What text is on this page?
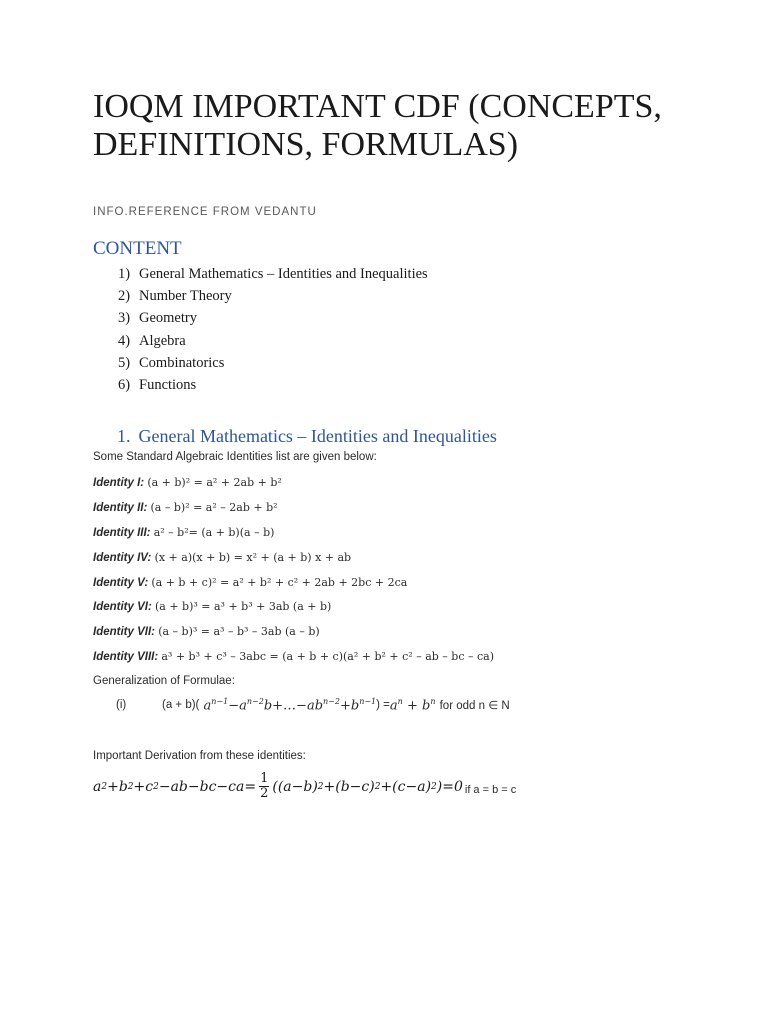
IOQM IMPORTANT CDF (CONCEPTS, DEFINITIONS, FORMULAS)
INFO.REFERENCE FROM VEDANTU
CONTENT
1) General Mathematics – Identities and Inequalities
2) Number Theory
3) Geometry
4) Algebra
5) Combinatorics
6) Functions
1. General Mathematics – Identities and Inequalities
Some Standard Algebraic Identities list are given below:
Identity I: (a + b)² = a² + 2ab + b²
Identity II: (a – b)² = a² – 2ab + b²
Identity III: a² – b²= (a + b)(a – b)
Identity IV: (x + a)(x + b) = x² + (a + b) x + ab
Identity V: (a + b + c)² = a² + b² + c² + 2ab + 2bc + 2ca
Identity VI: (a + b)³ = a³ + b³ + 3ab (a + b)
Identity VII: (a – b)³ = a³ – b³ – 3ab (a – b)
Identity VIII: a³ + b³ + c³ – 3abc = (a + b + c)(a² + b² + c² – ab – bc – ca)
Generalization of Formulae:
(i)	(a + b)( $a^{n-1}-a^{n-2}b+\dots-ab^{n-2}+b^{n-1}$ ) = $a^n + b^n$ for odd n ∈ N
Important Derivation from these identities:
a 2 +b 2 +c $2 -ab-bc-ca= \frac{1}{2} ((a-b)$ 2 +(b−c) 2 +(c−a) 2 )=0 if a = b = c
